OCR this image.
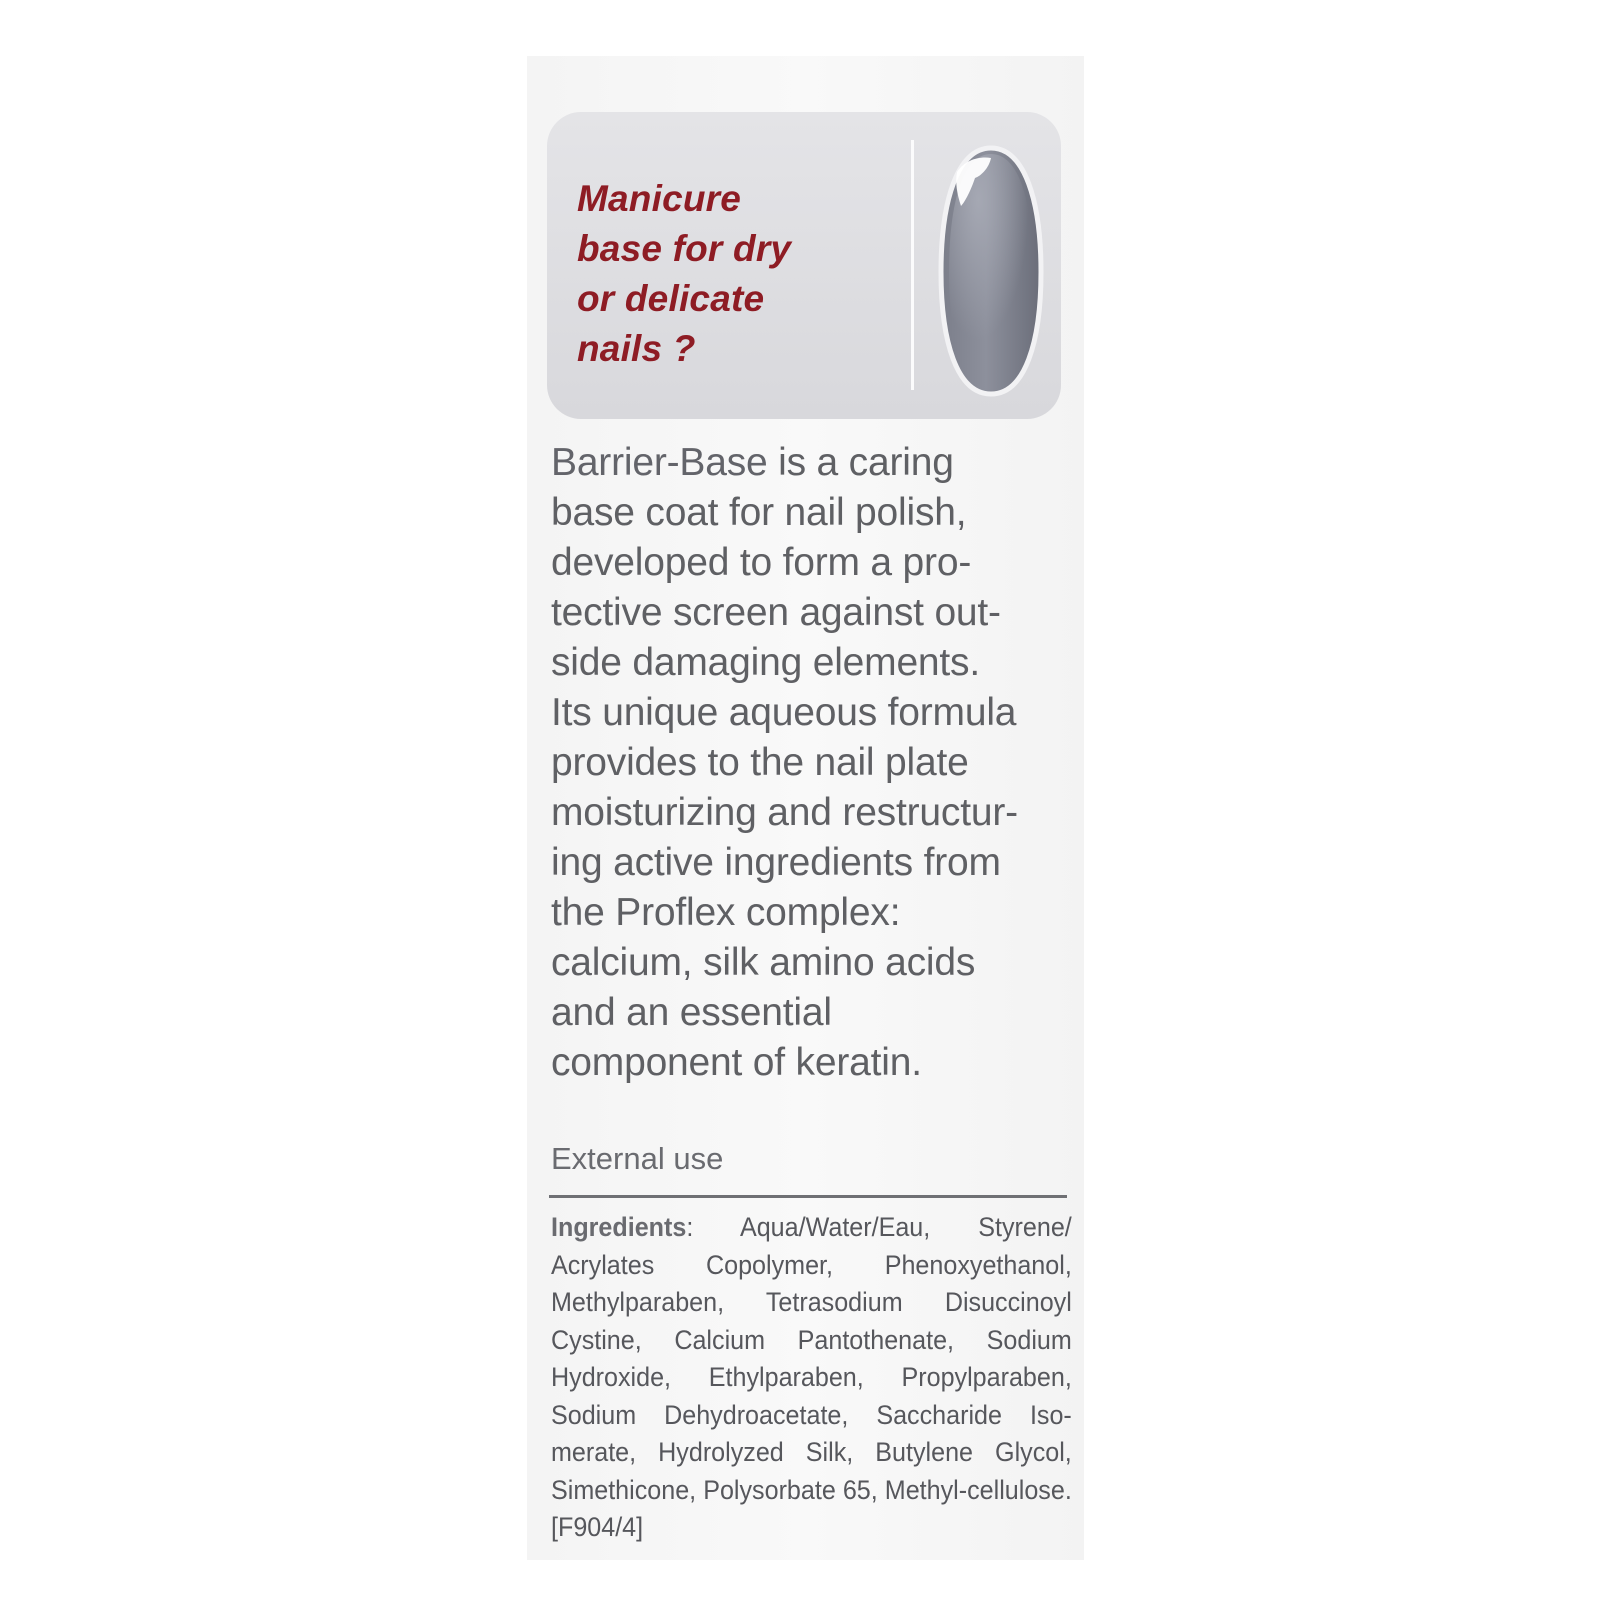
Manicure
base for dry
or delicate
nails ?

Barrier-Base is a caring
base coat for nail polish,
developed to form a pro-
tective screen against out-
side damaging elements.
Its unique aqueous formula
provides to the nail plate
moisturizing and restructur-
ing active ingredients from
the Proflex complex:
calcium, silk amino acids
and an essential
component of keratin.

External use

Ingredients: Aqua/Water/Eau, Styrene/ Acrylates Copolymer, Phenoxyethanol, Methylparaben, Tetrasodium Disuccinoyl Cystine, Calcium Pantothenate, Sodium Hydroxide, Ethylparaben, Propylparaben, Sodium Dehydroacetate, Saccharide Iso-merate, Hydrolyzed Silk, Butylene Glycol, Simethicone, Polysorbate 65, Methyl-cellulose. [F904/4]
